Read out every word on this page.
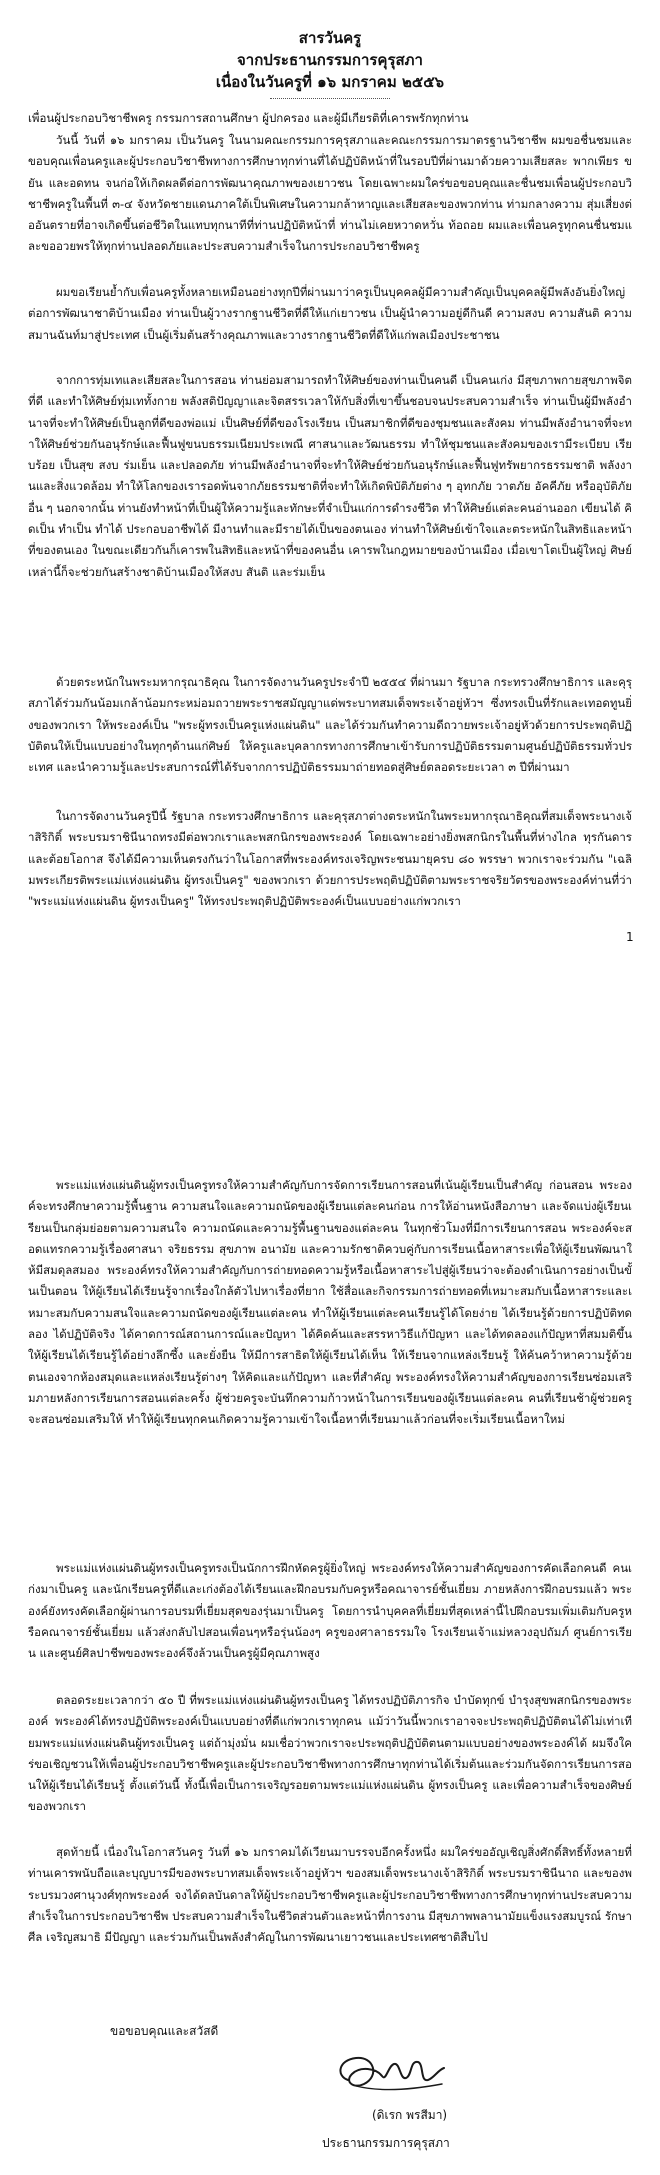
สารวันครู
จากประธานกรรมการคุรุสภา
เนื่องในวันครูที่ ๑๖ มกราคม ๒๕๕๖
เพื่อนผู้ประกอบวิชาชีพครู กรรมการสถานศึกษา ผู้ปกครอง และผู้มีเกียรติที่เคารพรักทุกท่าน
วันนี้ วันที่ ๑๖ มกราคม เป็นวันครู ในนามคณะกรรมการคุรุสภาและคณะกรรมการมาตรฐานวิชาชีพ ผมขอชื่นชมและขอบคุณเพื่อนครูและผู้ประกอบวิชาชีพทางการศึกษาทุกท่านที่ได้ปฏิบัติหน้าที่ในรอบปีที่ผ่านมาด้วยความเสียสละ พากเพียร ขยัน และอดทน จนก่อให้เกิดผลดีต่อการพัฒนาคุณภาพของเยาวชน โดยเฉพาะผมใคร่ขอขอบคุณและชื่นชมเพื่อนผู้ประกอบวิชาชีพครูในพื้นที่ ๓-๔ จังหวัดชายแดนภาคใต้เป็นพิเศษในความกล้าหาญและเสียสละของพวกท่าน ท่ามกลางความ สุ่มเสี่ยงต่ออันตรายที่อาจเกิดขึ้นต่อชีวิตในแทบทุกนาทีที่ท่านปฏิบัติหน้าที่ ท่านไม่เคยหวาดหวั่น ท้อถอย ผมและเพื่อนครูทุกคนชื่นชมและขออวยพรให้ทุกท่านปลอดภัยและประสบความสำเร็จในการประกอบวิชาชีพครู
ผมขอเรียนย้ำกับเพื่อนครูทั้งหลายเหมือนอย่างทุกปีที่ผ่านมาว่าครูเป็นบุคคลผู้มีความสำคัญเป็นบุคคลผู้มีพลังอันยิ่งใหญ่ต่อการพัฒนาชาติบ้านเมือง ท่านเป็นผู้วางรากฐานชีวิตที่ดีให้แก่เยาวชน เป็นผู้นำความอยู่ดีกินดี ความสงบ ความสันติ ความสมานฉันท์มาสู่ประเทศ เป็นผู้เริ่มต้นสร้างคุณภาพและวางรากฐานชีวิตที่ดีให้แก่พลเมืองประชาชน
จากการทุ่มเทและเสียสละในการสอน ท่านย่อมสามารถทำให้ศิษย์ของท่านเป็นคนดี เป็นคนเก่ง มีสุขภาพกายสุขภาพจิตที่ดี และทำให้ศิษย์ทุ่มเททั้งกาย พลังสติปัญญาและจิตสรรเวลาให้กับสิ่งที่เขาขึ้นชอบจนประสบความสำเร็จ ท่านเป็นผู้มีพลังอำนาจที่จะทำให้ศิษย์เป็นลูกที่ดีของพ่อแม่ เป็นศิษย์ที่ดีของโรงเรียน เป็นสมาชิกที่ดีของชุมชนและสังคม ท่านมีพลังอำนาจที่จะทำให้ศิษย์ช่วยกันอนุรักษ์และฟื้นฟูขนบธรรมเนียมประเพณี ศาสนาและวัฒนธรรม ทำให้ชุมชนและสังคมของเรามีระเบียบ เรียบร้อย เป็นสุข สงบ ร่มเย็น และปลอดภัย ท่านมีพลังอำนาจที่จะทำให้ศิษย์ช่วยกันอนุรักษ์และฟื้นฟูทรัพยากรธรรมชาติ พลังงานและสิ่งแวดล้อม ทำให้โลกของเรารอดพ้นจากภัยธรรมชาติที่จะทำให้เกิดพิบัติภัยต่าง ๆ อุทกภัย วาตภัย อัคคีภัย หรืออุบัติภัยอื่น ๆ นอกจากนั้น ท่านยังทำหน้าที่เป็นผู้ให้ความรู้และทักษะที่จำเป็นแก่การดำรงชีวิต ทำให้ศิษย์แต่ละคนอ่านออก เขียนได้ คิดเป็น ทำเป็น ทำได้ ประกอบอาชีพได้ มีงานทำและมีรายได้เป็นของตนเอง ท่านทำให้ศิษย์เข้าใจและตระหนักในสิทธิและหน้าที่ของตนเอง ในขณะเดียวกันก็เคารพในสิทธิและหน้าที่ของคนอื่น เคารพในกฎหมายของบ้านเมือง เมื่อเขาโตเป็นผู้ใหญ่ ศิษย์เหล่านี้ก็จะช่วยกันสร้างชาติบ้านเมืองให้สงบ สันติ และร่มเย็น
ด้วยตระหนักในพระมหากรุณาธิคุณ ในการจัดงานวันครูประจำปี ๒๕๕๔ ที่ผ่านมา รัฐบาล กระทรวงศึกษาธิการ และคุรุสภาได้ร่วมกันน้อมเกล้าน้อมกระหม่อมถวายพระราชสมัญญาแด่พระบาทสมเด็จพระเจ้าอยู่หัวฯ ซึ่งทรงเป็นที่รักและเทอดทูนยิ่งของพวกเรา ให้พระองค์เป็น "พระผู้ทรงเป็นครูแห่งแผ่นดิน" และได้ร่วมกันทำความดีถวายพระเจ้าอยู่หัวด้วยการประพฤติปฏิบัติตนให้เป็นแบบอย่างในทุกๆด้านแก่ศิษย์ ให้ครูและบุคลากรทางการศึกษาเข้ารับการปฏิบัติธรรมตามศูนย์ปฏิบัติธรรมทั่วประเทศ และนำความรู้และประสบการณ์ที่ได้รับจากการปฏิบัติธรรมมาถ่ายทอดสู่ศิษย์ตลอดระยะเวลา ๓ ปีที่ผ่านมา
ในการจัดงานวันครูปีนี้ รัฐบาล กระทรวงศึกษาธิการ และคุรุสภาต่างตระหนักในพระมหากรุณาธิคุณที่สมเด็จพระนางเจ้าสิริกิติ์ พระบรมราชินีนาถทรงมีต่อพวกเราและพสกนิกรของพระองค์ โดยเฉพาะอย่างยิ่งพสกนิกรในพื้นที่ห่างไกล ทุรกันดาร และต้อยโอกาส จึงได้มีความเห็นตรงกันว่าในโอกาสที่พระองค์ทรงเจริญพระชนมายุครบ ๘๐ พรรษา พวกเราจะร่วมกัน "เฉลิมพระเกียรติพระแม่แห่งแผ่นดิน ผู้ทรงเป็นครู" ของพวกเรา ด้วยการประพฤติปฏิบัติตามพระราชจริยวัตรของพระองค์ท่านที่ว่า "พระแม่แห่งแผ่นดิน ผู้ทรงเป็นครู" ให้ทรงประพฤติปฏิบัติพระองค์เป็นแบบอย่างแก่พวกเรา
1
พระแม่แห่งแผ่นดินผู้ทรงเป็นครูทรงให้ความสำคัญกับการจัดการเรียนการสอนที่เน้นผู้เรียนเป็นสำคัญ ก่อนสอน พระองค์จะทรงศึกษาความรู้พื้นฐาน ความสนใจและความถนัดของผู้เรียนแต่ละคนก่อน การให้อ่านหนังสือภาษา และจัดแบ่งผู้เรียนเรียนเป็นกลุ่มย่อยตามความสนใจ ความถนัดและความรู้พื้นฐานของแต่ละคน ในทุกชั่วโมงที่มีการเรียนการสอน พระองค์จะสอดแทรกความรู้เรื่องศาสนา จริยธรรม สุขภาพ อนามัย และความรักชาติควบคู่กับการเรียนเนื้อหาสาระเพื่อให้ผู้เรียนพัฒนาให้มีสมดุลสมอง พระองค์ทรงให้ความสำคัญกับการถ่ายทอดความรู้หรือเนื้อหาสาระไปสู่ผู้เรียนว่าจะต้องดำเนินการอย่างเป็นขั้นเป็นตอน ให้ผู้เรียนได้เรียนรู้จากเรื่องใกล้ตัวไปหาเรื่องที่ยาก ใช้สื่อและกิจกรรมการถ่ายทอดที่เหมาะสมกับเนื้อหาสาระและเหมาะสมกับความสนใจและความถนัดของผู้เรียนแต่ละคน ทำให้ผู้เรียนแต่ละคนเรียนรู้ได้โดยง่าย ได้เรียนรู้ด้วยการปฏิบัติทดลอง ได้ปฏิบัติจริง ได้คาดการณ์สถานการณ์และปัญหา ได้คิดค้นและสรรหาวิธีแก้ปัญหา และได้ทดลองแก้ปัญหาที่สมมติขึ้น ให้ผู้เรียนได้เรียนรู้ได้อย่างลึกซึ้ง และยั่งยืน ให้มีการสาธิตให้ผู้เรียนได้เห็น ให้เรียนจากแหล่งเรียนรู้ ให้ค้นคว้าหาความรู้ด้วยตนเองจากห้องสมุดและแหล่งเรียนรู้ต่างๆ ให้คิดและแก้ปัญหา และที่สำคัญ พระองค์ทรงให้ความสำคัญของการเรียนซ่อมเสริมภายหลังการเรียนการสอนแต่ละครั้ง ผู้ช่วยครูจะบันทึกความก้าวหน้าในการเรียนของผู้เรียนแต่ละคน คนที่เรียนช้าผู้ช่วยครูจะสอนซ่อมเสริมให้ ทำให้ผู้เรียนทุกคนเกิดความรู้ความเข้าใจเนื้อหาที่เรียนมาแล้วก่อนที่จะเริ่มเรียนเนื้อหาใหม่
พระแม่แห่งแผ่นดินผู้ทรงเป็นครูทรงเป็นนักการฝึกหัดครูผู้ยิ่งใหญ่ พระองค์ทรงให้ความสำคัญของการคัดเลือกคนดี คนเก่งมาเป็นครู และนักเรียนครูที่ดีและเก่งต้องได้เรียนและฝึกอบรมกับครูหรือคณาจารย์ชั้นเยี่ยม ภายหลังการฝึกอบรมแล้ว พระองค์ยังทรงคัดเลือกผู้ผ่านการอบรมที่เยี่ยมสุดของรุ่นมาเป็นครู โดยการนำบุคคลที่เยี่ยมที่สุดเหล่านี้ไปฝึกอบรมเพิ่มเติมกับครูหรือคณาจารย์ชั้นเยี่ยม แล้วส่งกลับไปสอนเพื่อนๆหรือรุ่นน้องๆ ครูของศาลาธรรมใจ โรงเรียนเจ้าแม่หลวงอุปถัมภ์ ศูนย์การเรียน และศูนย์ศิลปาชีพของพระองค์จึงล้วนเป็นครูผู้มีคุณภาพสูง
ตลอดระยะเวลากว่า ๕๐ ปี ที่พระแม่แห่งแผ่นดินผู้ทรงเป็นครู ได้ทรงปฏิบัติภารกิจ บำบัดทุกข์ บำรุงสุขพสกนิกรของพระองค์ พระองค์ได้ทรงปฏิบัติพระองค์เป็นแบบอย่างที่ดีแก่พวกเราทุกคน แม้ว่าวันนี้พวกเราอาจจะประพฤติปฏิบัติตนได้ไม่เท่าเทียมพระแม่แห่งแผ่นดินผู้ทรงเป็นครู แต่ถ้ามุ่งมั่น ผมเชื่อว่าพวกเราจะประพฤติปฏิบัติตนตามแบบอย่างของพระองค์ได้ ผมจึงใคร่ขอเชิญชวนให้เพื่อนผู้ประกอบวิชาชีพครูและผู้ประกอบวิชาชีพทางการศึกษาทุกท่านได้เริ่มต้นและร่วมกันจัดการเรียนการสอนให้ผู้เรียนได้เรียนรู้ ตั้งแต่วันนี้ ทั้งนี้เพื่อเป็นการเจริญรอยตามพระแม่แห่งแผ่นดิน ผู้ทรงเป็นครู และเพื่อความสำเร็จของศิษย์ของพวกเรา
สุดท้ายนี้ เนื่องในโอกาสวันครู วันที่ ๑๖ มกราคมได้เวียนมาบรรจบอีกครั้งหนึ่ง ผมใคร่ขออัญเชิญสิ่งศักดิ์สิทธิ์ทั้งหลายที่ท่านเคารพนับถือและบุญบารมีของพระบาทสมเด็จพระเจ้าอยู่หัวฯ ของสมเด็จพระนางเจ้าสิริกิติ์ พระบรมราชินีนาถ และของพระบรมวงศานุวงศ์ทุกพระองค์ จงได้ดลบันดาลให้ผู้ประกอบวิชาชีพครูและผู้ประกอบวิชาชีพทางการศึกษาทุกท่านประสบความสำเร็จในการประกอบวิชาชีพ ประสบความสำเร็จในชีวิตส่วนตัวและหน้าที่การงาน มีสุขภาพพลานามัยแข็งแรงสมบูรณ์ รักษาศีล เจริญสมาธิ มีปัญญา และร่วมกันเป็นพลังสำคัญในการพัฒนาเยาวชนและประเทศชาติสืบไป
ขอขอบคุณและสวัสดี
(ดิเรก พรสีมา)
ประธานกรรมการคุรุสภา
